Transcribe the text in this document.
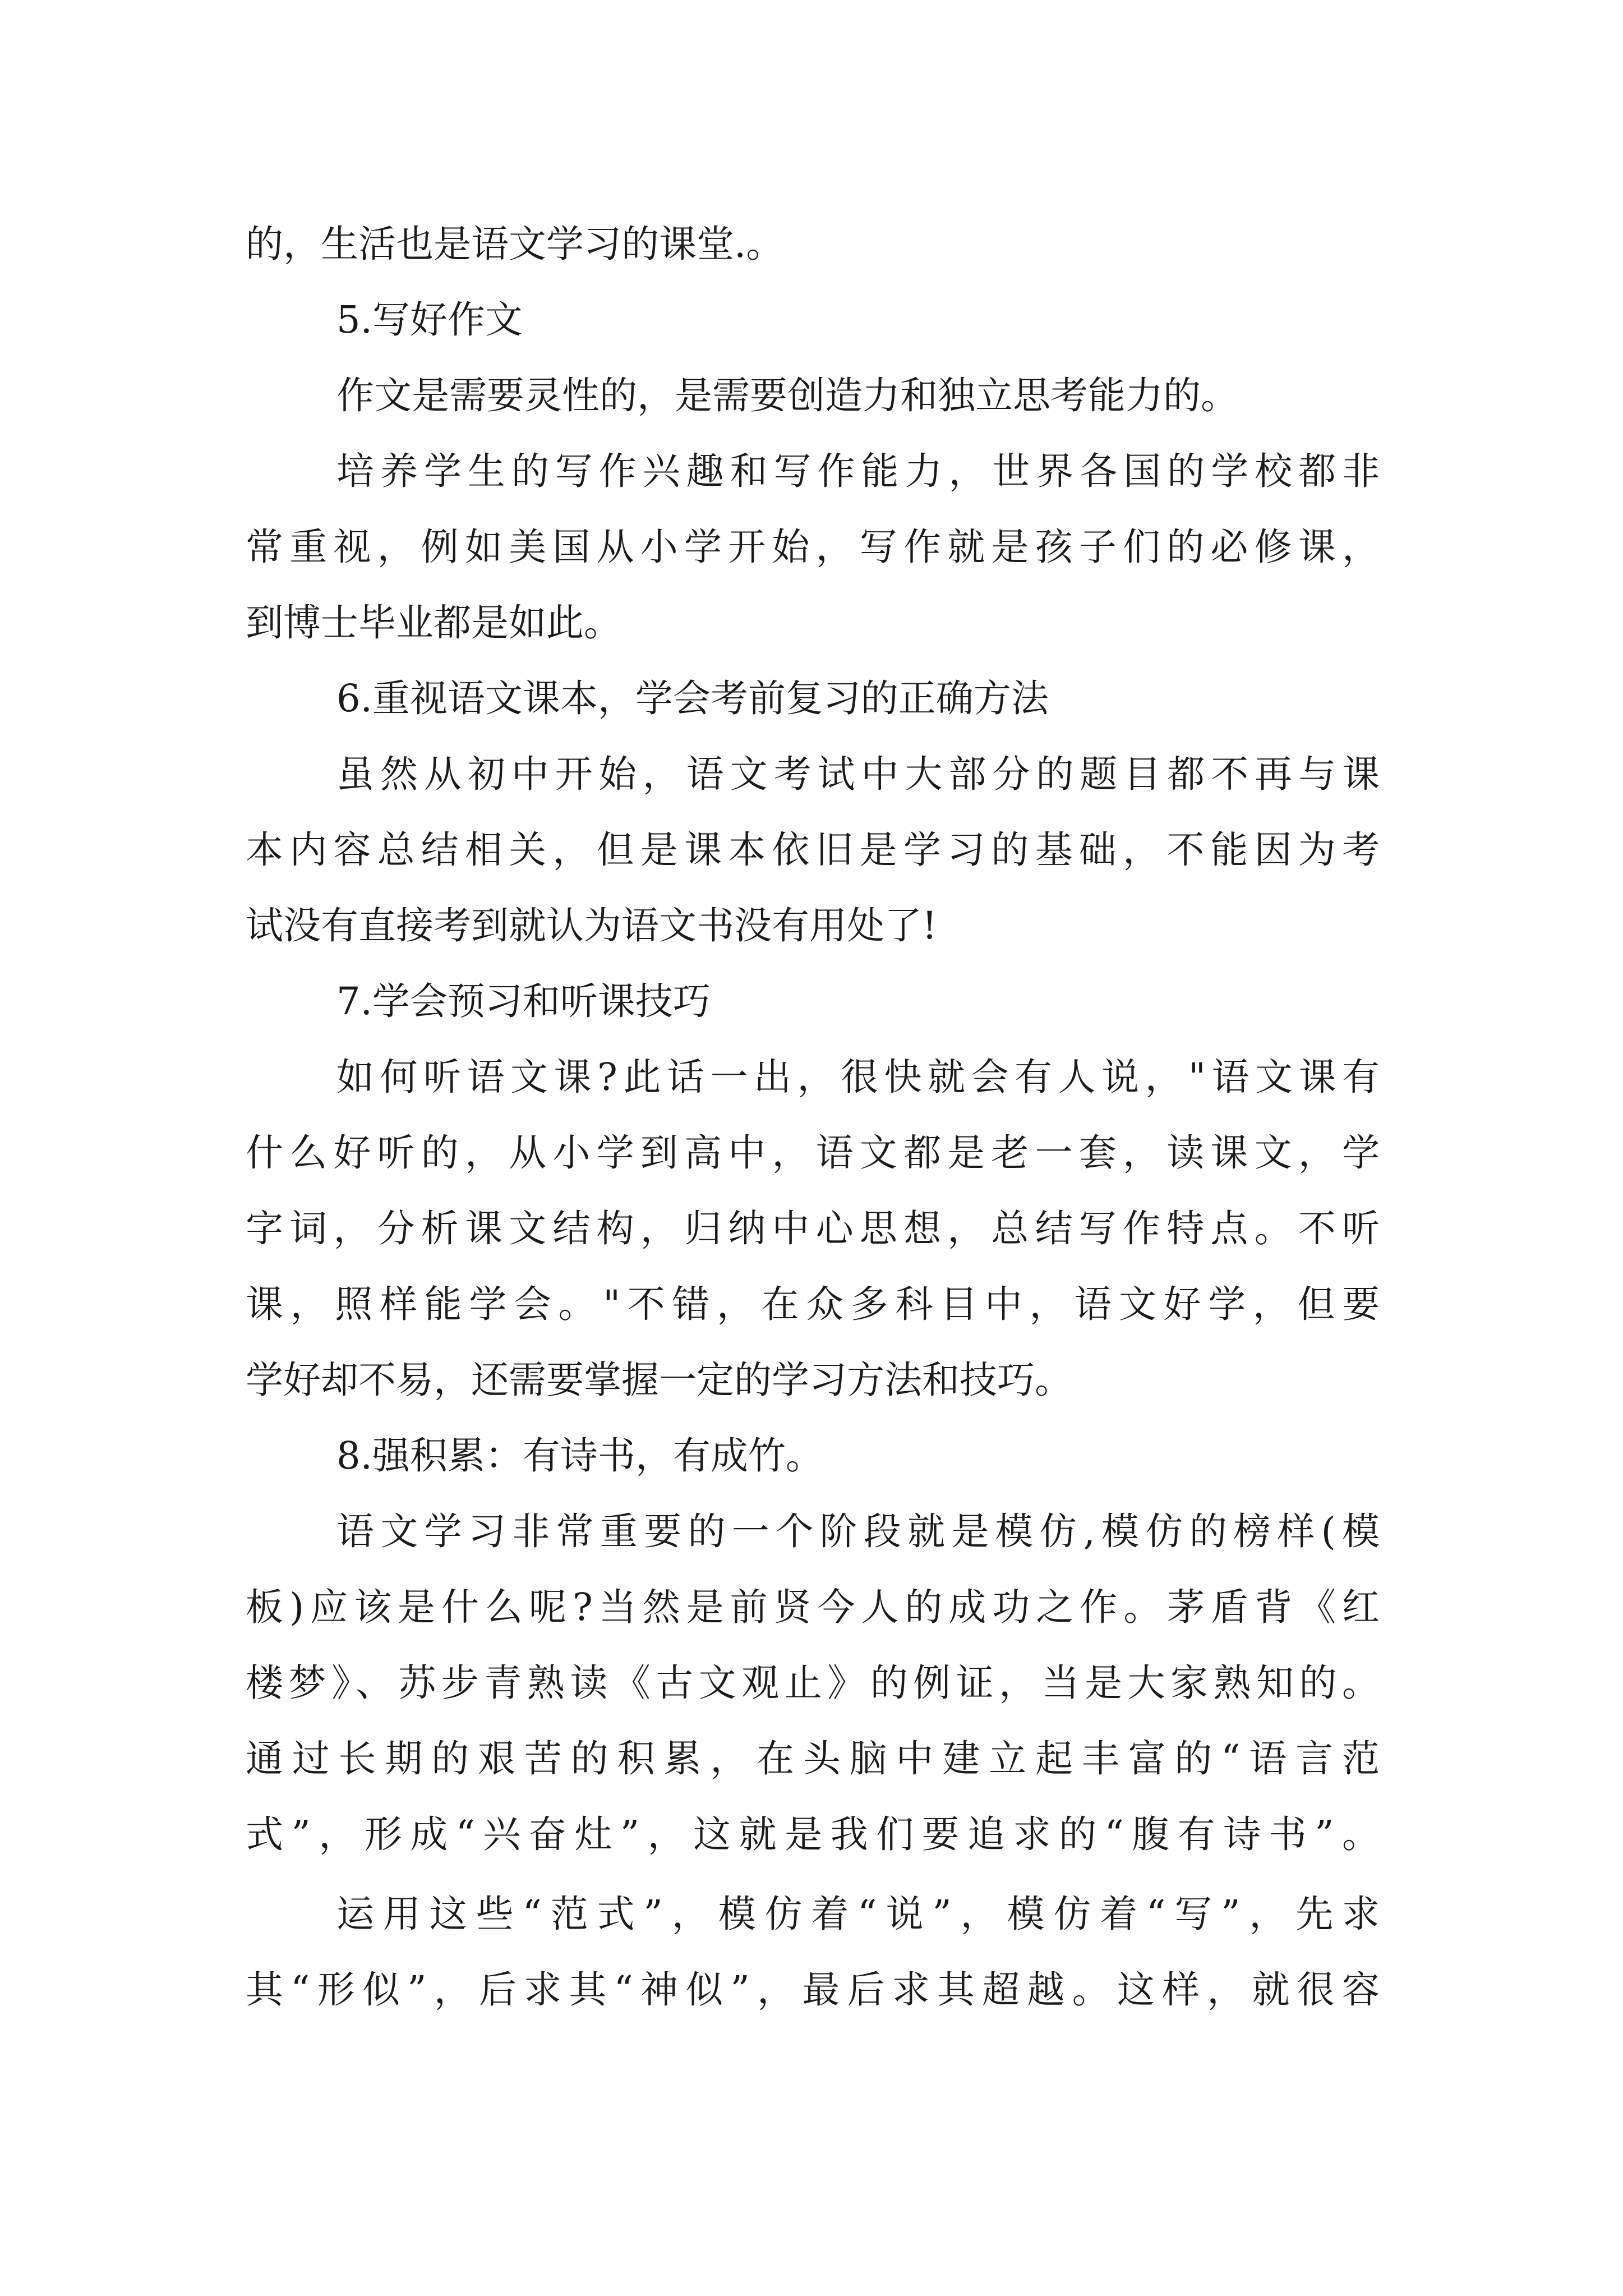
的，生活也是语文学习的课堂.。
5.写好作文
作文是需要灵性的，是需要创造力和独立思考能力的。
培养学生的写作兴趣和写作能力，世界各国的学校都非
常重视，例如美国从小学开始，写作就是孩子们的必修课，
到博士毕业都是如此。
6.重视语文课本，学会考前复习的正确方法
虽然从初中开始，语文考试中大部分的题目都不再与课
本内容总结相关，但是课本依旧是学习的基础，不能因为考
试没有直接考到就认为语文书没有用处了!
7.学会预习和听课技巧
如何听语文课?此话一出，很快就会有人说，"语文课有
什么好听的，从小学到高中，语文都是老一套，读课文，学
字词，分析课文结构，归纳中心思想，总结写作特点。不听
课，照样能学会。"不错，在众多科目中，语文好学，但要
学好却不易，还需要掌握一定的学习方法和技巧。
8.强积累：有诗书，有成竹。
语文学习非常重要的一个阶段就是模仿,模仿的榜样(模
板)应该是什么呢?当然是前贤今人的成功之作。茅盾背《红
楼梦》、苏步青熟读《古文观止》的例证，当是大家熟知的。
通过长期的艰苦的积累，在头脑中建立起丰富的“语言范
式”，形成“兴奋灶”，这就是我们要追求的“腹有诗书”。
运用这些“范式”，模仿着“说”，模仿着“写”，先求
其“形似”，后求其“神似”，最后求其超越。这样，就很容
